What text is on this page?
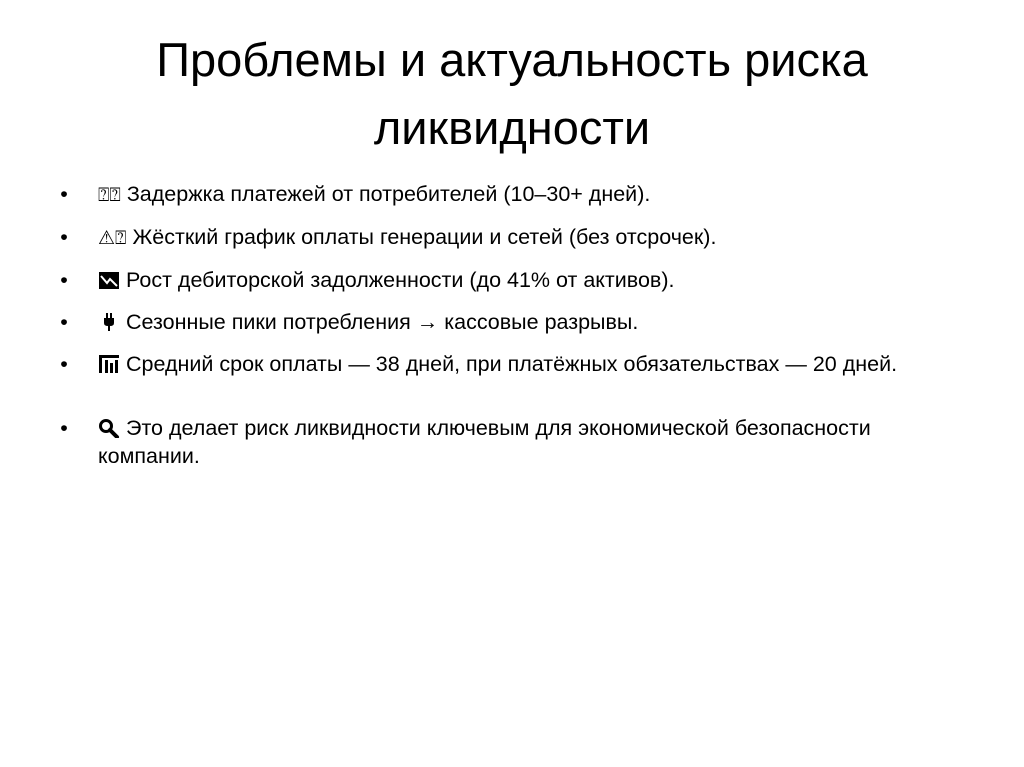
Проблемы и актуальность риска ликвидности
• ⍰⍰ Задержка платежей от потребителей (10–30+ дней).
• ⚠⍰ Жёсткий график оплаты генерации и сетей (без отсрочек).
•	Рост дебиторской задолженности (до 41% от активов).
•	Сезонные пики потребления → кассовые разрывы.
•	Средний срок оплаты — 38 дней, при платёжных обязательствах — 20 дней.
•	Это делает риск ликвидности ключевым для экономической безопасности компании.
